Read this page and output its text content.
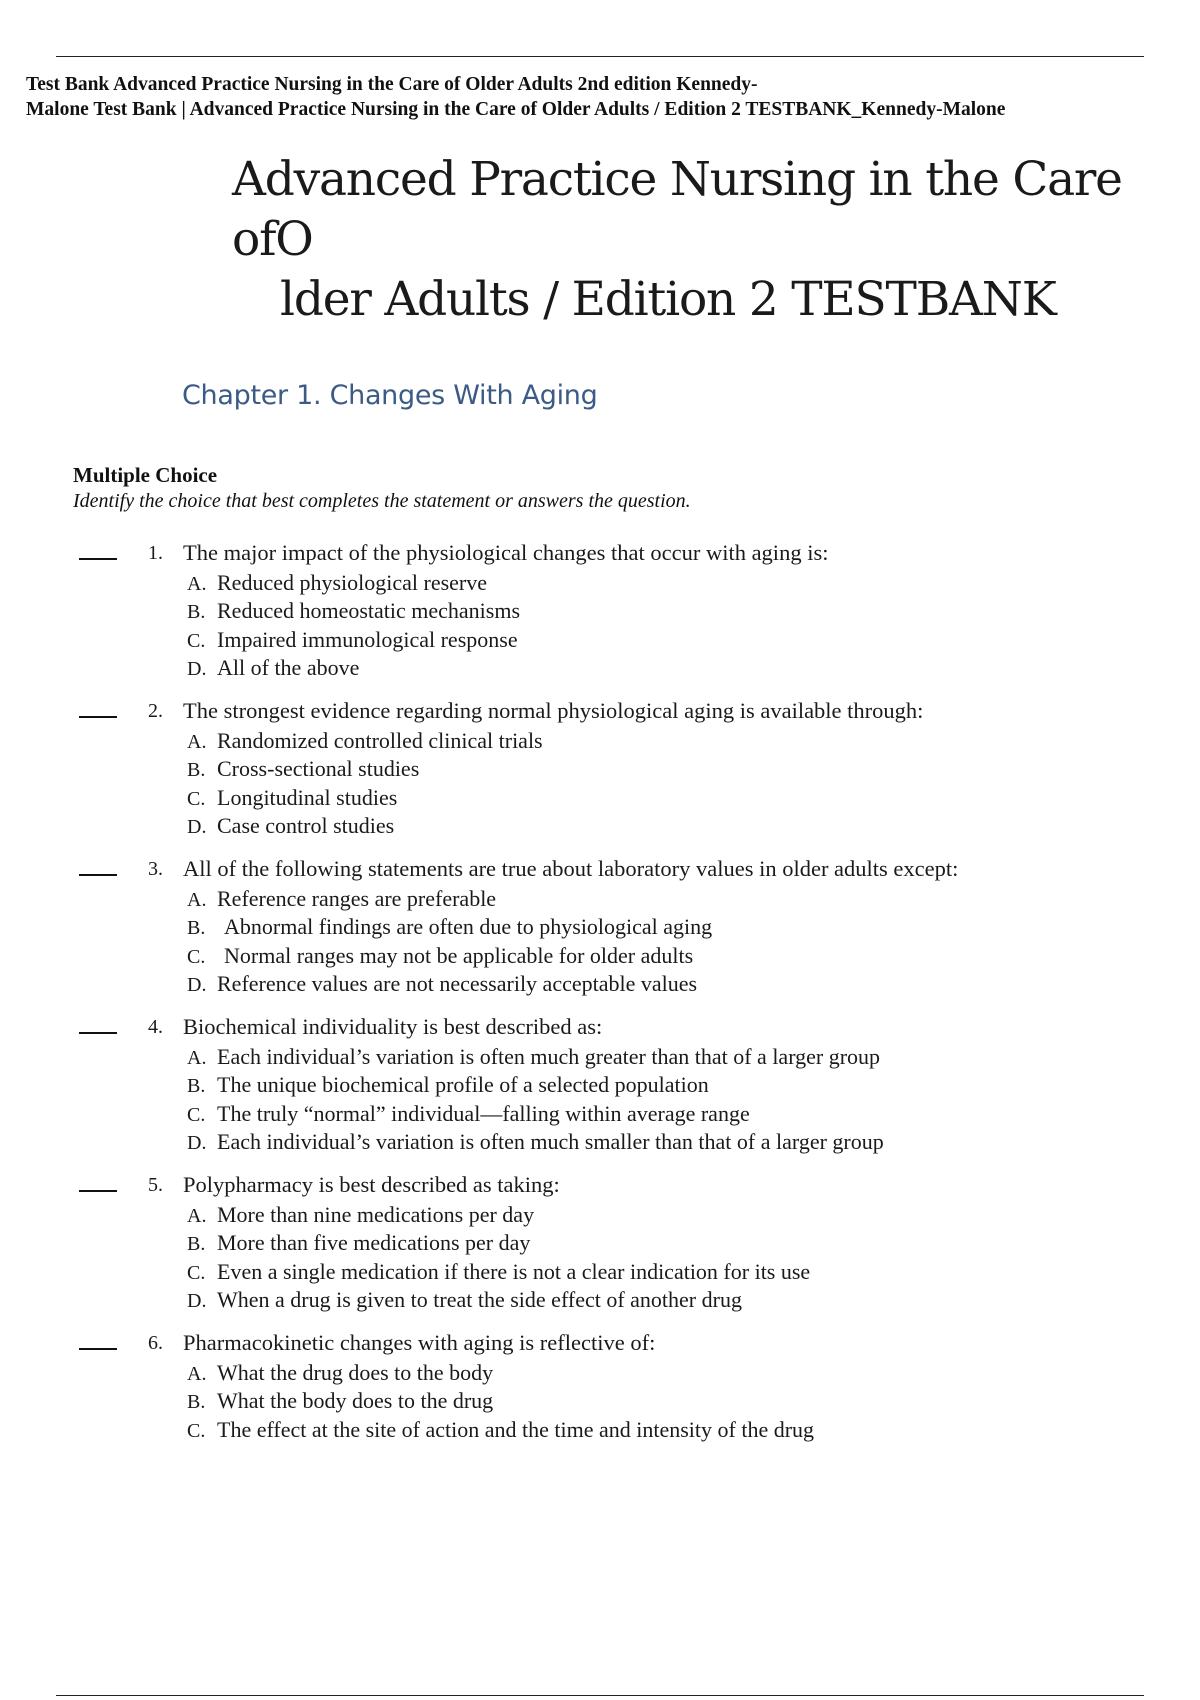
Test Bank Advanced Practice Nursing in the Care of Older Adults 2nd edition Kennedy-
Malone Test Bank | Advanced Practice Nursing in the Care of Older Adults / Edition 2 TESTBANK_Kennedy-Malone
Advanced Practice Nursing in the Care ofO
lder Adults / Edition 2 TESTBANK
Chapter 1. Changes With Aging
Multiple Choice
Identify the choice that best completes the statement or answers the question.
1. The major impact of the physiological changes that occur with aging is:
A. Reduced physiological reserve
B. Reduced homeostatic mechanisms
C. Impaired immunological response
D. All of the above
2. The strongest evidence regarding normal physiological aging is available through:
A. Randomized controlled clinical trials
B. Cross-sectional studies
C. Longitudinal studies
D. Case control studies
3. All of the following statements are true about laboratory values in older adults except:
A. Reference ranges are preferable
B. Abnormal findings are often due to physiological aging
C. Normal ranges may not be applicable for older adults
D. Reference values are not necessarily acceptable values
4. Biochemical individuality is best described as:
A. Each individual’s variation is often much greater than that of a larger group
B. The unique biochemical profile of a selected population
C. The truly “normal” individual—falling within average range
D. Each individual’s variation is often much smaller than that of a larger group
5. Polypharmacy is best described as taking:
A. More than nine medications per day
B. More than five medications per day
C. Even a single medication if there is not a clear indication for its use
D. When a drug is given to treat the side effect of another drug
6. Pharmacokinetic changes with aging is reflective of:
A. What the drug does to the body
B. What the body does to the drug
C. The effect at the site of action and the time and intensity of the drug
